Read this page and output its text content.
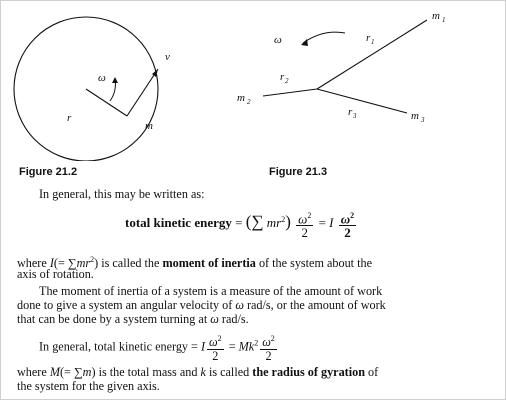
v
ω
r
m
Figure 21.2
ω
m 1
r 1
r 2
m 2
r 3	m 3
Figure 21.3
In general, this may be written as:
total kinetic energy = (∑ $mr^2) \frac{\omega^2}{2} = I \frac{\omega^2}{2}$
where $I(= \sum mr^2)$ is called the moment of inertia of the system about the
axis of rotation.
The moment of inertia of a system is a measure of the amount of work
done to give a system an angular velocity of ω rad/s, or the amount of work
that can be done by a system turning at ω rad/s.
In general, total kinetic energy = I $\frac{\omega^2}{2} = Mk^2 \frac{\omega^2}{2}$
where M(= ∑m) is the total mass and k is called the radius of gyration of
the system for the given axis.
